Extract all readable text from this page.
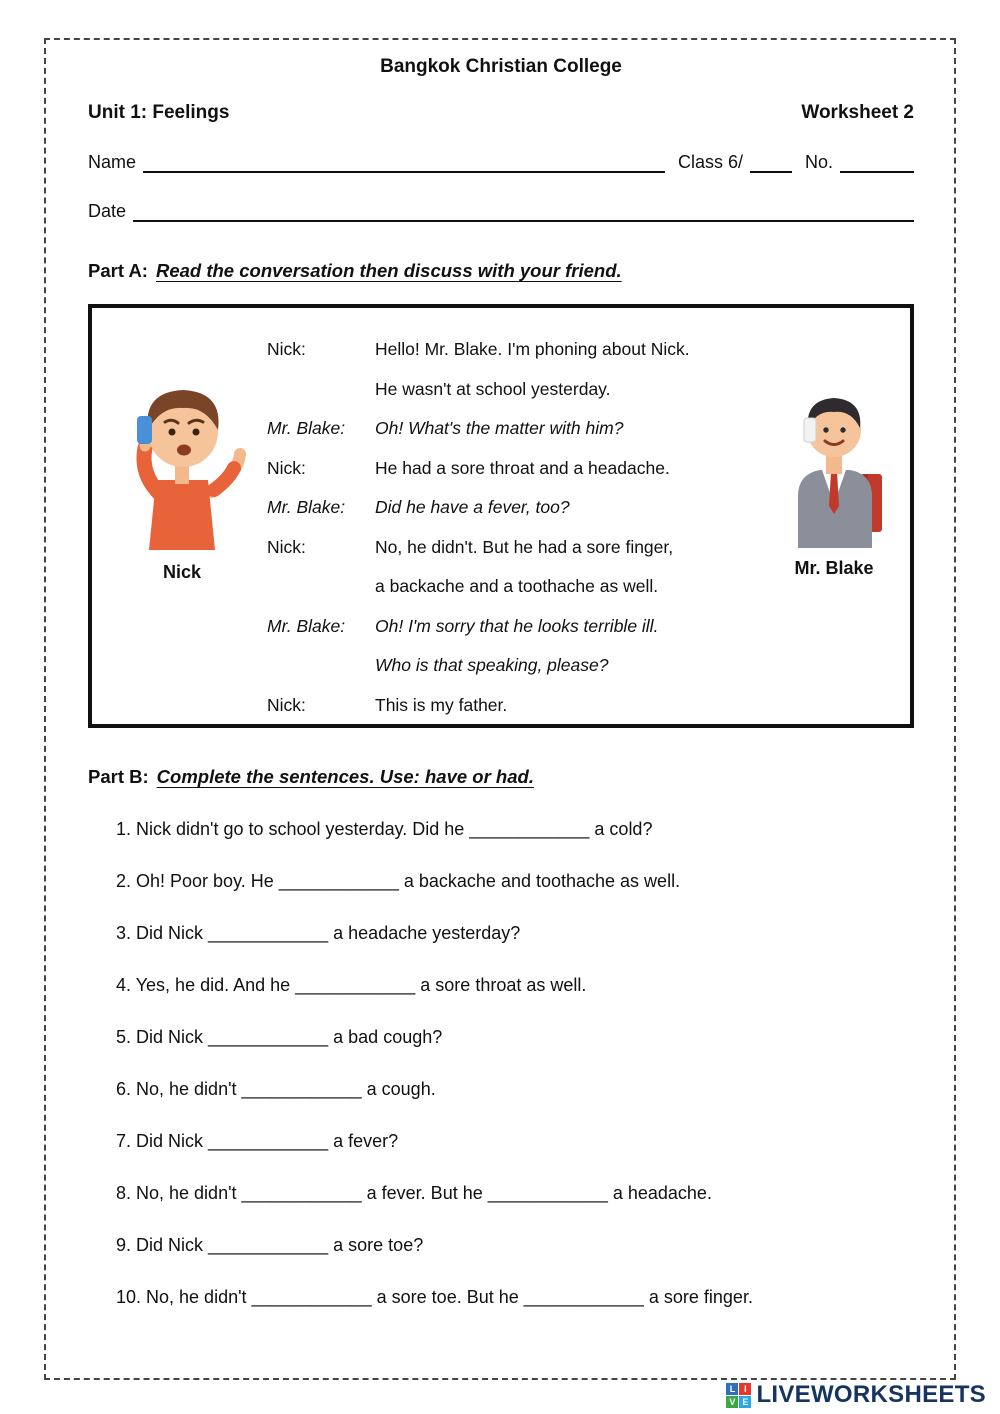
Bangkok Christian College
Unit 1: Feelings	Worksheet 2
Name	Class 6/	No.
Date
Part A: Read the conversation then discuss with your friend.
Nick	Mr. Blake
Nick:	Hello! Mr. Blake. I'm phoning about Nick.
He wasn't at school yesterday.
Mr. Blake:	Oh! What's the matter with him?
Nick:	He had a sore throat and a headache.
Mr. Blake:	Did he have a fever, too?
Nick:	No, he didn't. But he had a sore finger,
a backache and a toothache as well.
Mr. Blake:	Oh! I'm sorry that he looks terrible ill.
Who is that speaking, please?
Nick:	This is my father.
Part B: Complete the sentences. Use: have or had.
1. Nick didn't go to school yesterday. Did he ____________ a cold?
2. Oh! Poor boy. He ____________ a backache and toothache as well.
3. Did Nick ____________ a headache yesterday?
4. Yes, he did. And he ____________ a sore throat as well.
5. Did Nick ____________ a bad cough?
6. No, he didn't ____________ a cough.
7. Did Nick ____________ a fever?
8. No, he didn't ____________ a fever. But he ____________ a headache.
9. Did Nick ____________ a sore toe?
10. No, he didn't ____________ a sore toe. But he ____________ a sore finger.
L I
V E LIVEWORKSHEETS
